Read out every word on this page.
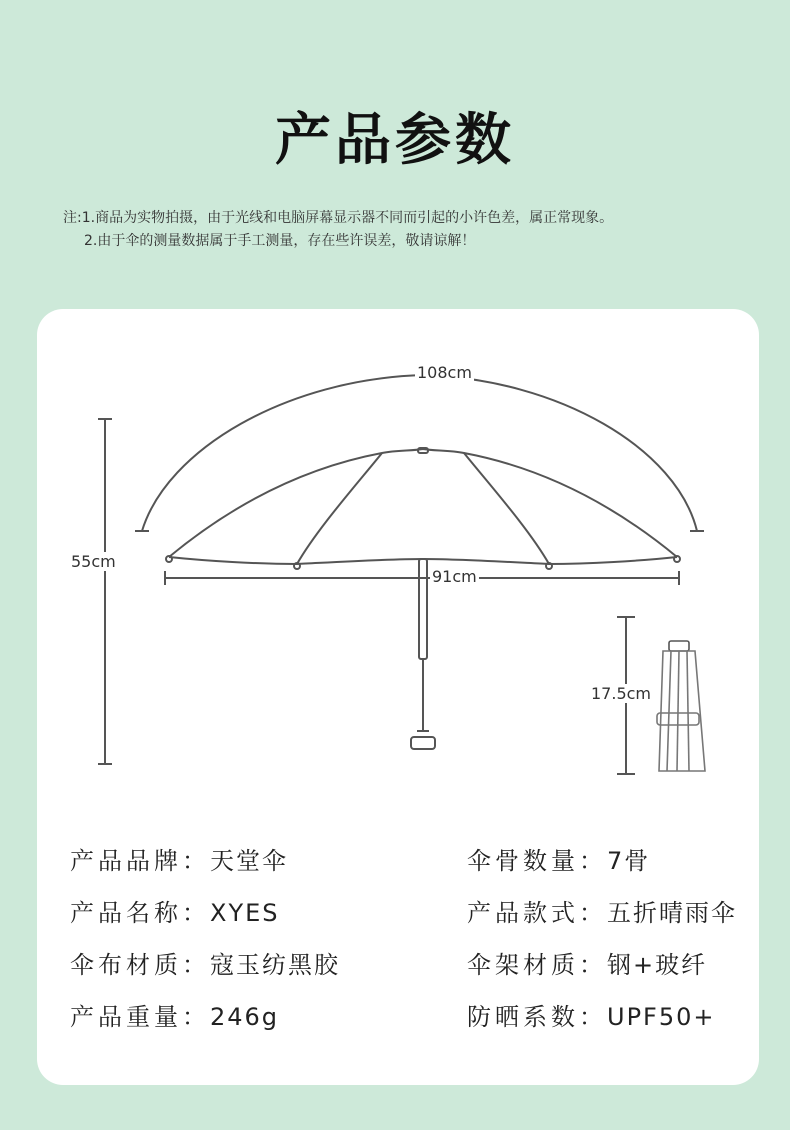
产品参数
注:1.商品为实物拍摄，由于光线和电脑屏幕显示器不同而引起的小许色差，属正常现象。
2.由于伞的测量数据属于手工测量，存在些许误差，敬请谅解！
108cm
55cm
91cm
17.5cm
产品品牌：天堂伞	伞骨数量：7骨
产品名称：XYES	产品款式：五折晴雨伞
伞布材质：寇玉纺黑胶	伞架材质：钢+玻纤
产品重量：246g	防晒系数：UPF50+
